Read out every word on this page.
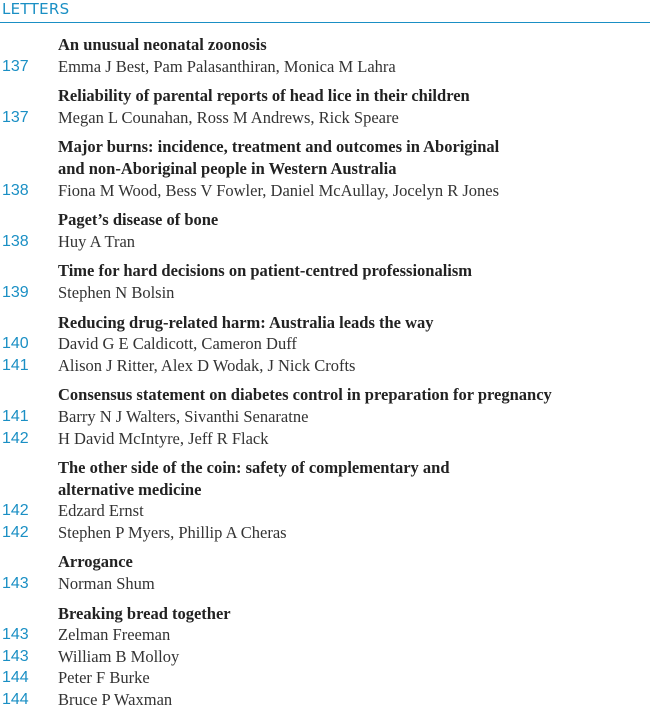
LETTERS
An unusual neonatal zoonosis
137 Emma J Best, Pam Palasanthiran, Monica M Lahra
Reliability of parental reports of head lice in their children
137 Megan L Counahan, Ross M Andrews, Rick Speare
Major burns: incidence, treatment and outcomes in Aboriginal
and non-Aboriginal people in Western Australia
138 Fiona M Wood, Bess V Fowler, Daniel McAullay, Jocelyn R Jones
Paget’s disease of bone
138 Huy A Tran
Time for hard decisions on patient-centred professionalism
139 Stephen N Bolsin
Reducing drug-related harm: Australia leads the way
140 David G E Caldicott, Cameron Duff
141 Alison J Ritter, Alex D Wodak, J Nick Crofts
Consensus statement on diabetes control in preparation for pregnancy
141 Barry N J Walters, Sivanthi Senaratne
142 H David McIntyre, Jeff R Flack
The other side of the coin: safety of complementary and
alternative medicine
142 Edzard Ernst
142 Stephen P Myers, Phillip A Cheras
Arrogance
143 Norman Shum
Breaking bread together
143 Zelman Freeman
143 William B Molloy
144 Peter F Burke
144 Bruce P Waxman
